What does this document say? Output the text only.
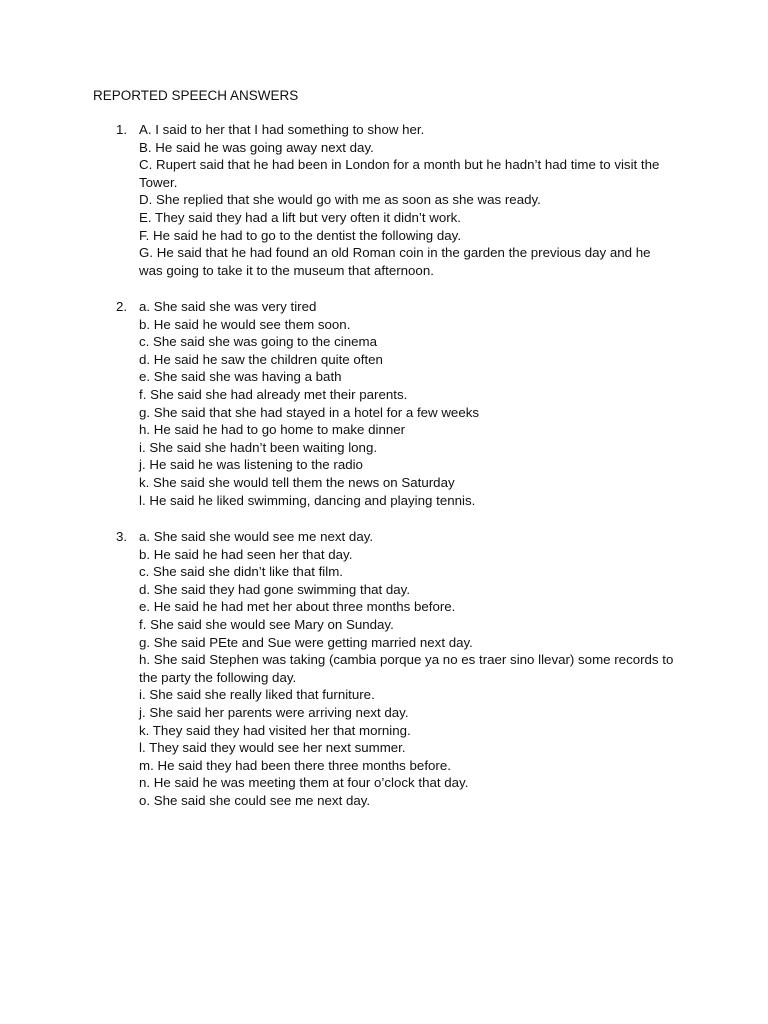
REPORTED SPEECH ANSWERS
1. A. I said to her that I had something to show her.
B. He said he was going away next day.
C. Rupert said that he had been in London for a month but he hadn’t had time to visit the Tower.
D. She replied that she would go with me as soon as she was ready.
E. They said they had a lift but very often it didn’t work.
F. He said he had to go to the dentist the following day.
G. He said that he had found an old Roman coin in the garden the previous day and he was going to take it to the museum that afternoon.
2. a. She said she was very tired
b. He said he would see them soon.
c. She said she was going to the cinema
d. He said he saw the children quite often
e. She said she was having a bath
f. She said she had already met their parents.
g. She said that she had stayed in a hotel for a few weeks
h. He said he had to go home to make dinner
i. She said she hadn’t been waiting long.
j. He said he was listening to the radio
k. She said she would tell them the news on Saturday
l. He said he liked swimming, dancing and playing tennis.
3. a. She said she would see me next day.
b. He said he had seen her that day.
c. She said she didn’t like that film.
d. She said they had gone swimming that day.
e. He said he had met her about three months before.
f. She said she would see Mary on Sunday.
g. She said PEte and Sue were getting married next day.
h. She said Stephen was taking (cambia porque ya no es traer sino llevar) some records to the party the following day.
i. She said she really liked that furniture.
j. She said her parents were arriving next day.
k. They said they had visited her that morning.
l. They said they would see her next summer.
m. He said they had been there three months before.
n. He said he was meeting them at four o’clock that day.
o. She said she could see me next day.
